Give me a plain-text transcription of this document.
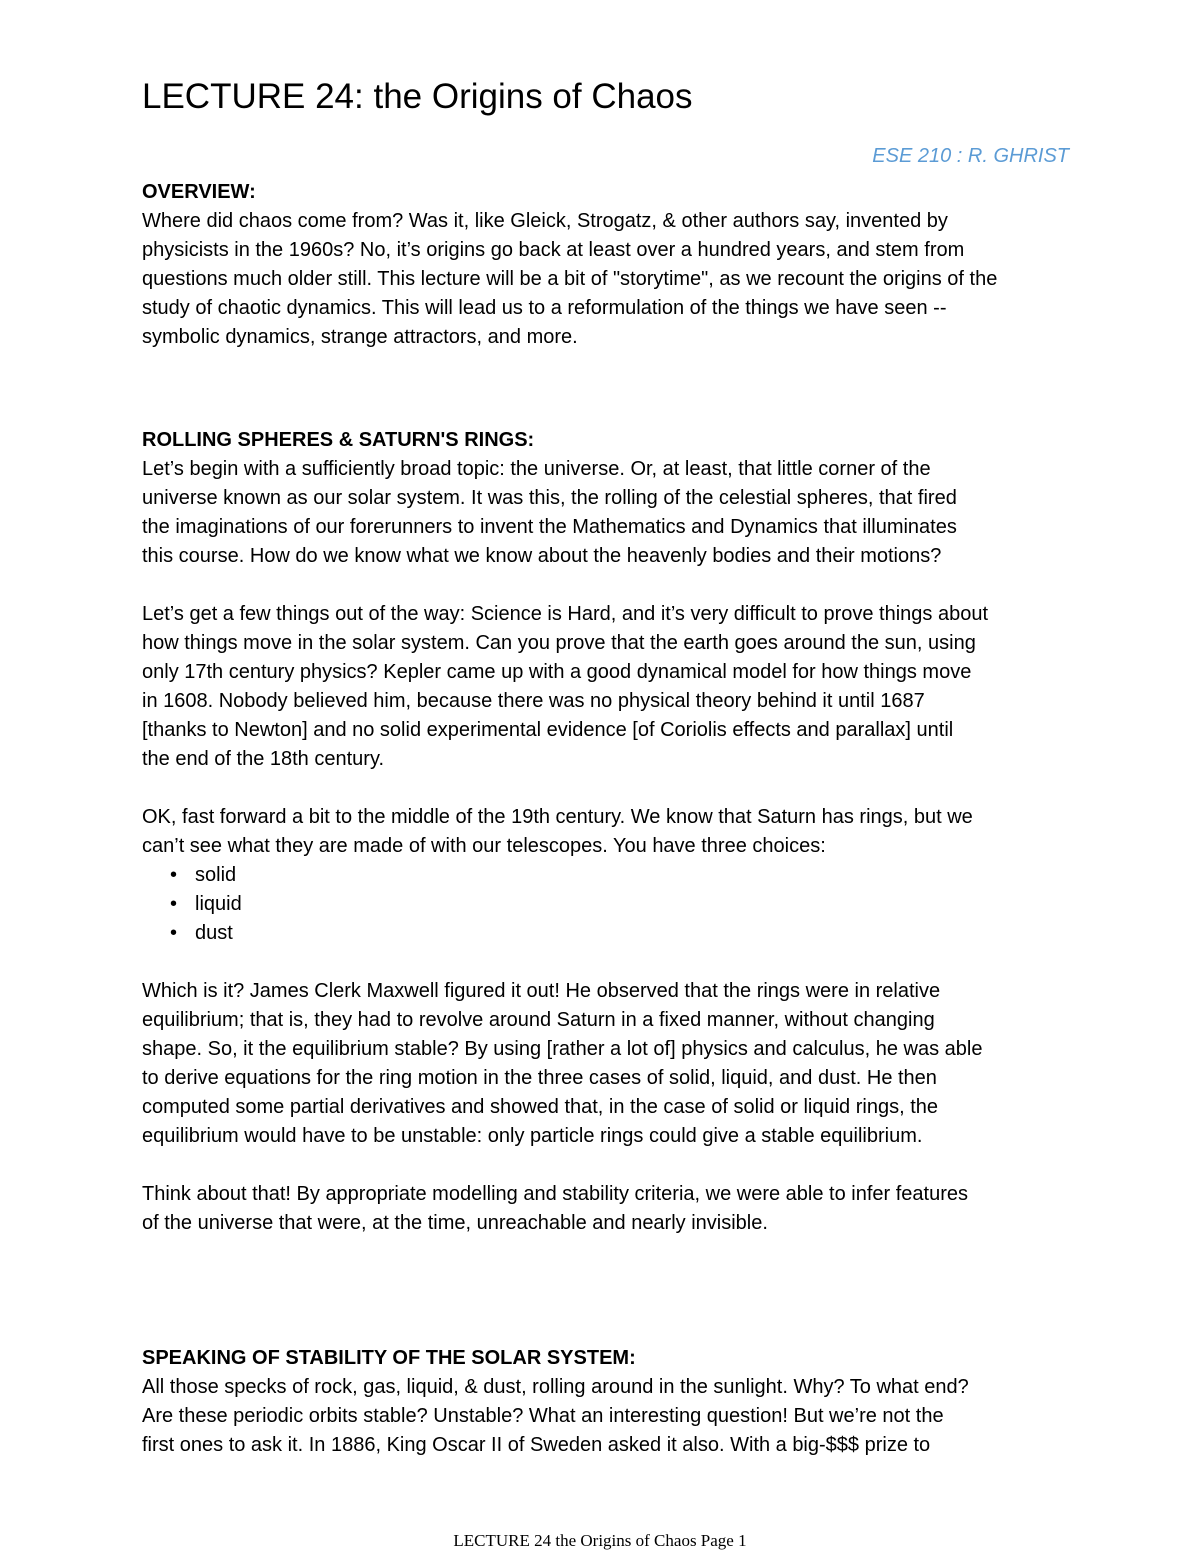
LECTURE 24: the Origins of Chaos
ESE 210 : R. GHRIST
OVERVIEW:
Where did chaos come from? Was it, like Gleick, Strogatz, & other authors say, invented by
physicists in the 1960s? No, it’s origins go back at least over a hundred years, and stem from
questions much older still. This lecture will be a bit of "storytime", as we recount the origins of the
study of chaotic dynamics. This will lead us to a reformulation of the things we have seen --
symbolic dynamics, strange attractors, and more.
ROLLING SPHERES & SATURN'S RINGS:
Let’s begin with a sufficiently broad topic: the universe. Or, at least, that little corner of the
universe known as our solar system. It was this, the rolling of the celestial spheres, that fired
the imaginations of our forerunners to invent the Mathematics and Dynamics that illuminates
this course. How do we know what we know about the heavenly bodies and their motions?
Let’s get a few things out of the way: Science is Hard, and it’s very difficult to prove things about
how things move in the solar system. Can you prove that the earth goes around the sun, using
only 17th century physics? Kepler came up with a good dynamical model for how things move
in 1608. Nobody believed him, because there was no physical theory behind it until 1687
[thanks to Newton] and no solid experimental evidence [of Coriolis effects and parallax] until
the end of the 18th century.
OK, fast forward a bit to the middle of the 19th century. We know that Saturn has rings, but we
can’t see what they are made of with our telescopes. You have three choices:
• solid
• liquid
• dust
Which is it? James Clerk Maxwell figured it out! He observed that the rings were in relative
equilibrium; that is, they had to revolve around Saturn in a fixed manner, without changing
shape. So, it the equilibrium stable? By using [rather a lot of] physics and calculus, he was able
to derive equations for the ring motion in the three cases of solid, liquid, and dust. He then
computed some partial derivatives and showed that, in the case of solid or liquid rings, the
equilibrium would have to be unstable: only particle rings could give a stable equilibrium.
Think about that! By appropriate modelling and stability criteria, we were able to infer features
of the universe that were, at the time, unreachable and nearly invisible.
SPEAKING OF STABILITY OF THE SOLAR SYSTEM:
All those specks of rock, gas, liquid, & dust, rolling around in the sunlight. Why? To what end?
Are these periodic orbits stable? Unstable? What an interesting question! But we’re not the
first ones to ask it. In 1886, King Oscar II of Sweden asked it also. With a big-$$$ prize to
LECTURE 24 the Origins of Chaos Page 1
